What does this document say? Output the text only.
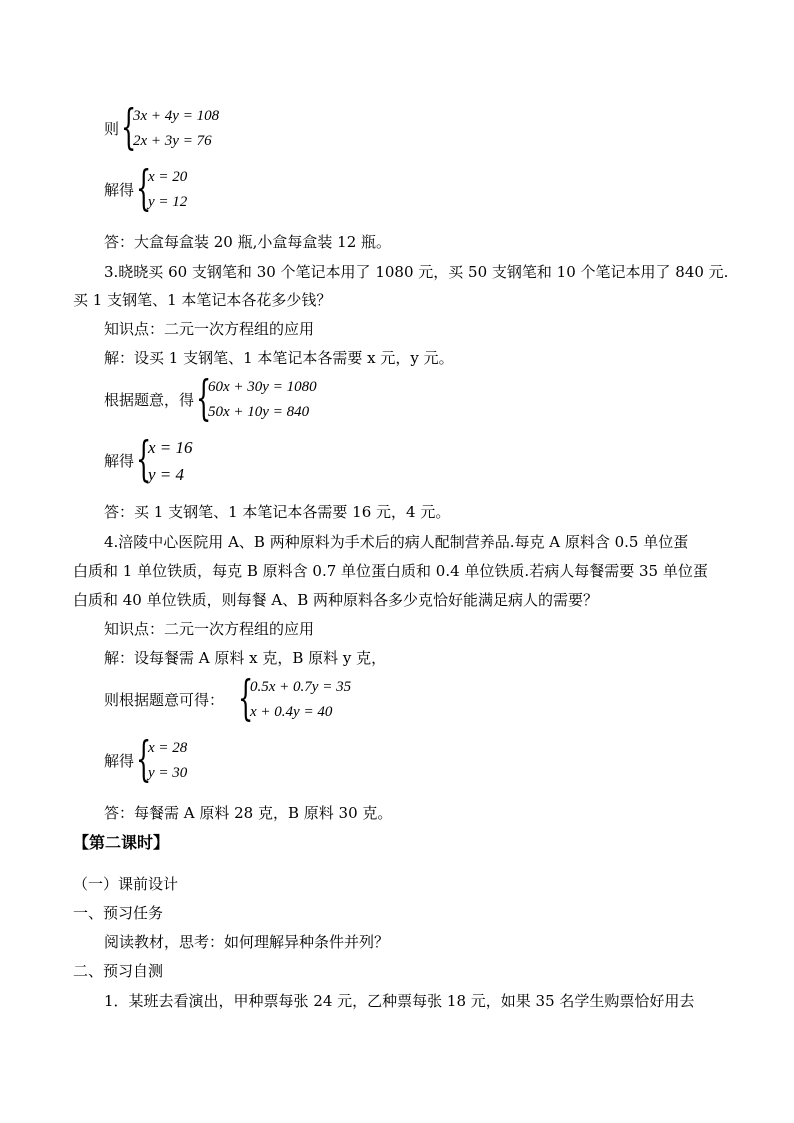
则 {
3x + 4y = 108
2x + 3y = 76
解得 {
x = 20
y = 12
答：大盒每盒装 20 瓶,小盒每盒装 12 瓶。
3.晓晓买 60 支钢笔和 30 个笔记本用了 1080 元，买 50 支钢笔和 10 个笔记本用了 840 元.
买 1 支钢笔、1 本笔记本各花多少钱？
知识点：二元一次方程组的应用
解：设买 1 支钢笔、1 本笔记本各需要 x 元，y 元。
根据题意，得 {
60x + 30y = 1080
50x + 10y = 840
解得 {
x = 16
y = 4
答：买 1 支钢笔、1 本笔记本各需要 16 元，4 元。
4.涪陵中心医院用 A、B 两种原料为手术后的病人配制营养品.每克 A 原料含 0.5 单位蛋
白质和 1 单位铁质，每克 B 原料含 0.7 单位蛋白质和 0.4 单位铁质.若病人每餐需要 35 单位蛋
白质和 40 单位铁质，则每餐 A、B 两种原料各多少克恰好能满足病人的需要？
知识点：二元一次方程组的应用
解：设每餐需 A 原料 x 克，B 原料 y 克，
则根据题意可得： {
0.5x + 0.7y = 35
x + 0.4y = 40
解得 {
x = 28
y = 30
答：每餐需 A 原料 28 克，B 原料 30 克。
【第二课时】
（一）课前设计
一、预习任务
阅读教材，思考：如何理解异种条件并列？
二、预习自测
1．某班去看演出，甲种票每张 24 元，乙种票每张 18 元，如果 35 名学生购票恰好用去
